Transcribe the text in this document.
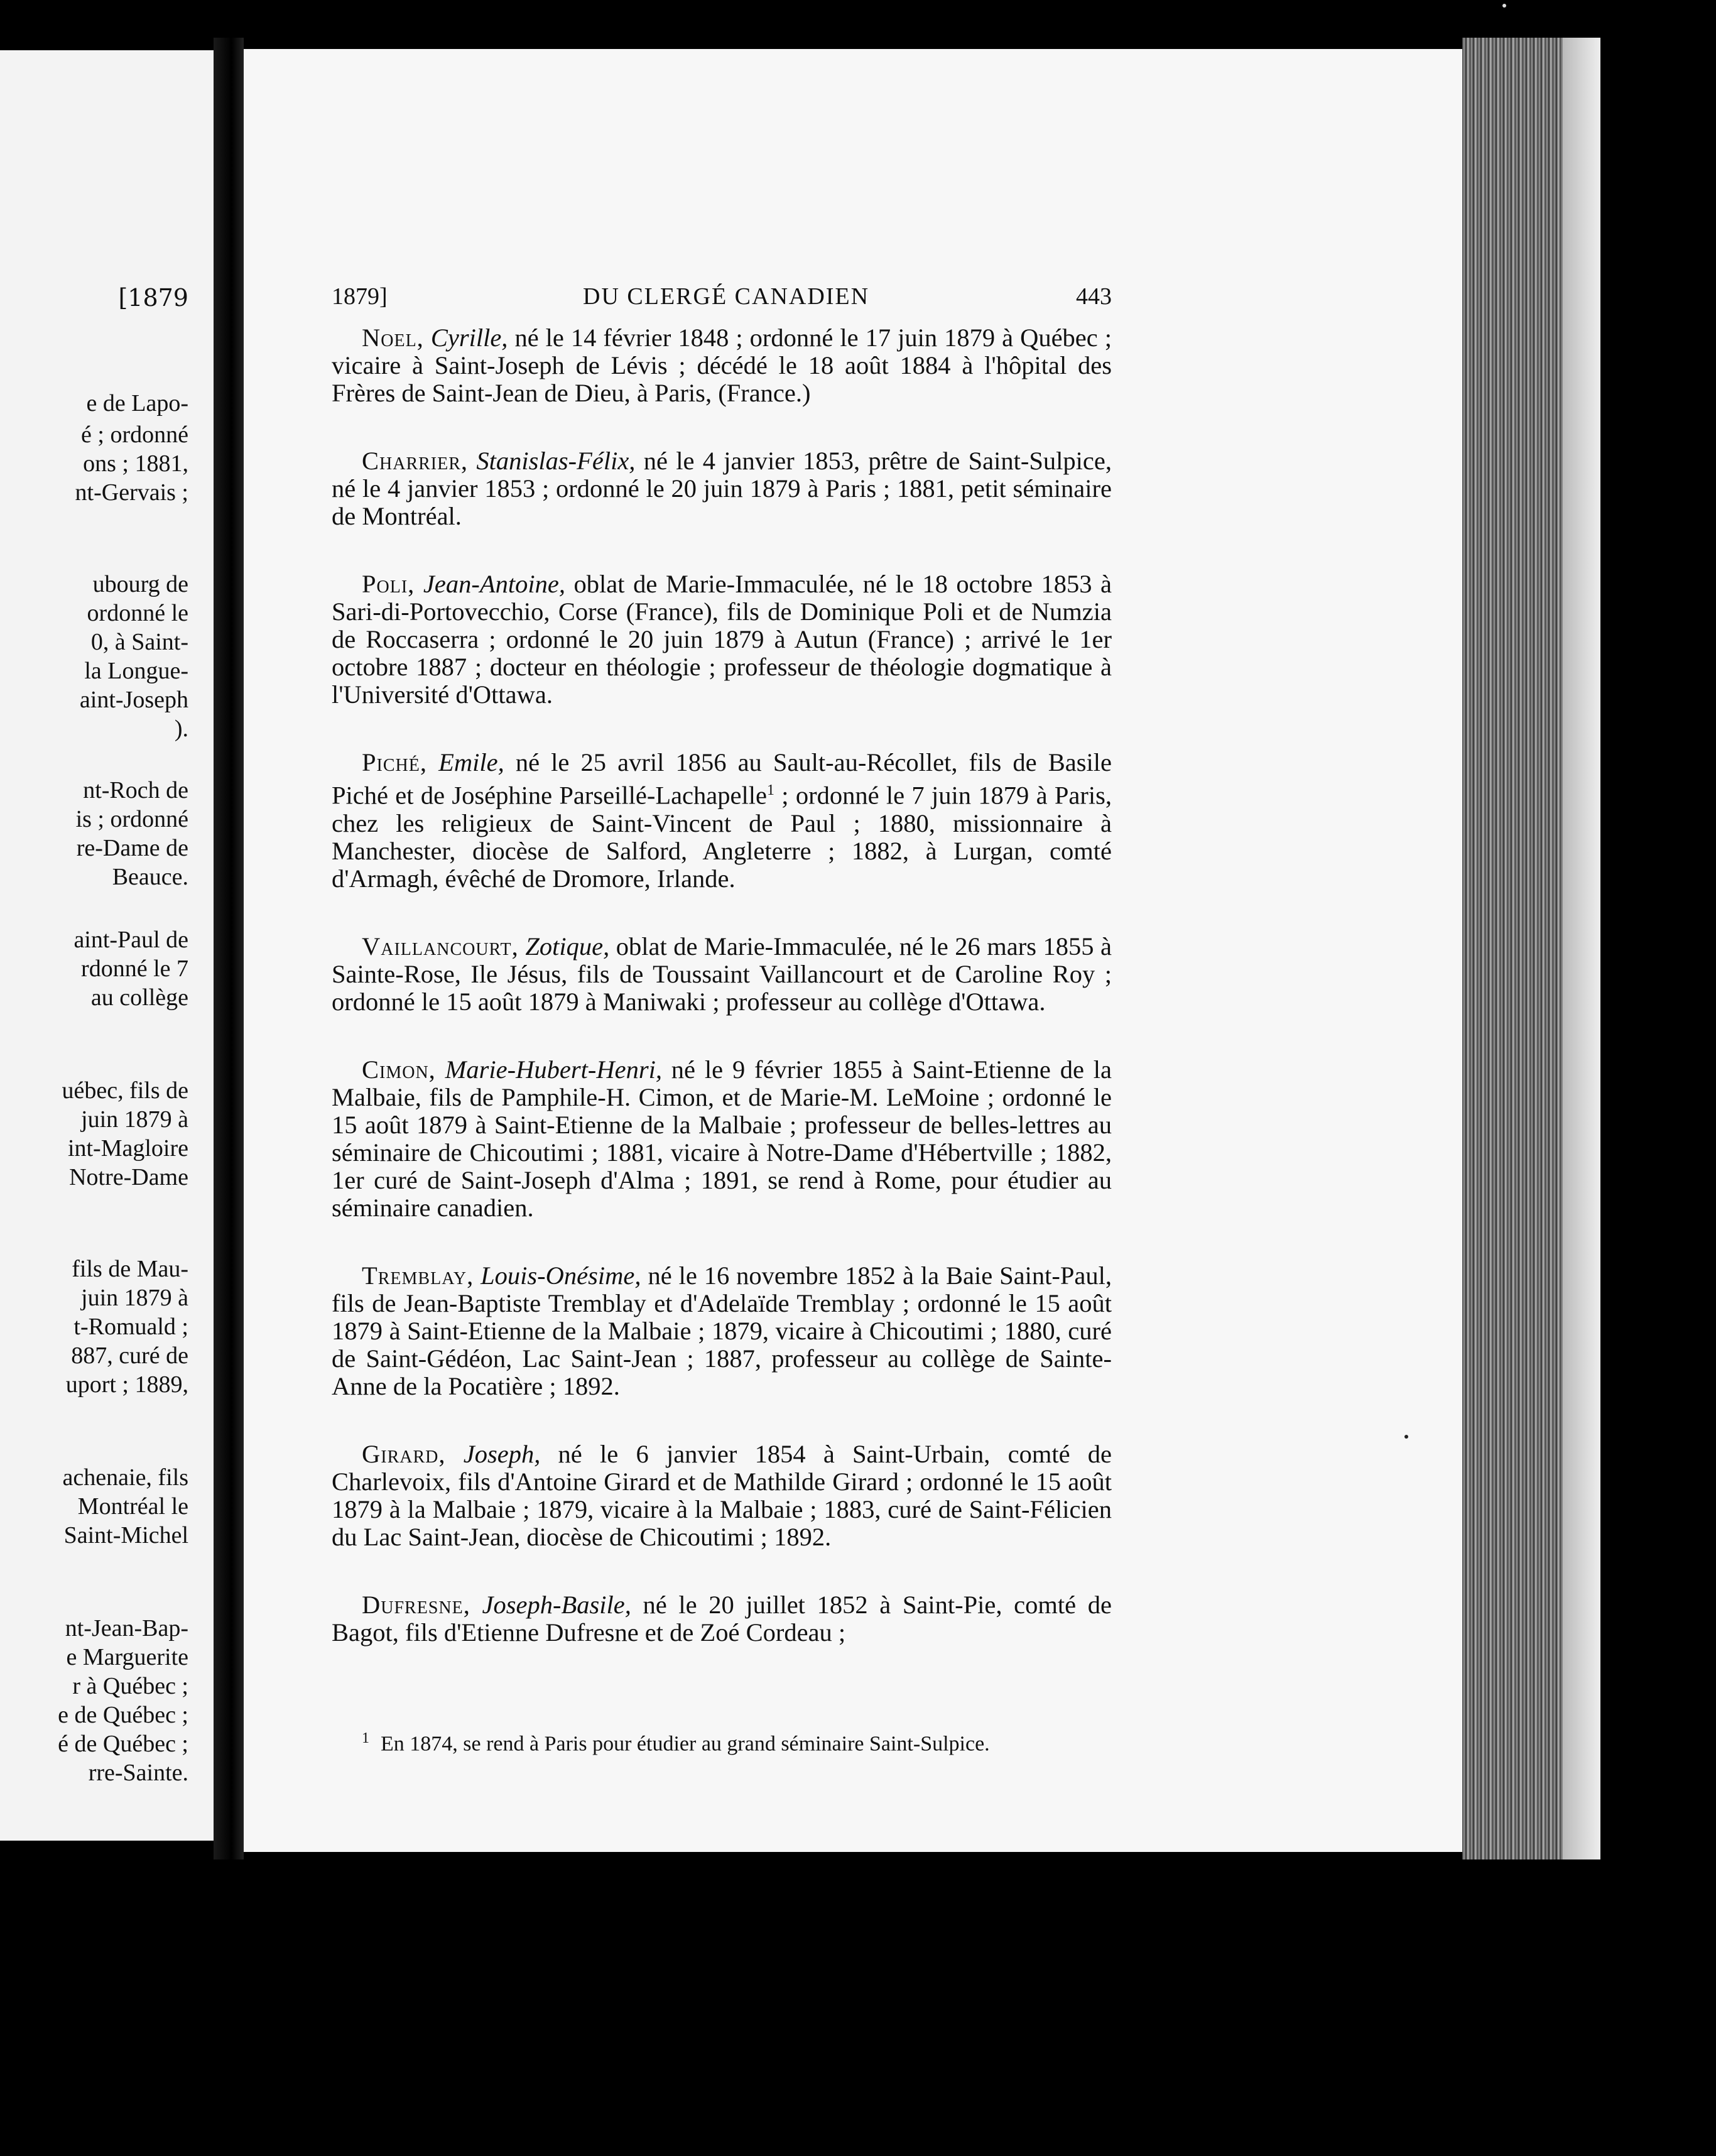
[1879
e de Lapo-
é ; ordonné
ons ; 1881,
nt-Gervais ;
ubourg de
ordonné le
0, à Saint-
la Longue-
aint-Joseph
).
nt-Roch de
is ; ordonné
re-Dame de
Beauce.
aint-Paul de
rdonné le 7
au collège
uébec, fils de
juin 1879 à
int-Magloire
Notre-Dame
fils de Mau-
juin 1879 à
t-Romuald ;
887, curé de
uport ; 1889,
achenaie, fils
Montréal le
Saint-Michel
nt-Jean-Bap-
e Marguerite
r à Québec ;
e de Québec ;
é de Québec ;
rre-Sainte.
1879]	DU CLERGÉ CANADIEN	443

Noel, Cyrille, né le 14 février 1848 ; ordonné le 17 juin 1879 à Québec ; vicaire à Saint-Joseph de Lévis ; décédé le 18 août 1884 à l'hôpital des Frères de Saint-Jean de Dieu, à Paris, (France.)

Charrier, Stanislas-Félix, né le 4 janvier 1853, prêtre de Saint-Sulpice, né le 4 janvier 1853 ; ordonné le 20 juin 1879 à Paris ; 1881, petit séminaire de Montréal.

Poli, Jean-Antoine, oblat de Marie-Immaculée, né le 18 octobre 1853 à Sari-di-Portovecchio, Corse (France), fils de Dominique Poli et de Numzia de Roccaserra ; ordonné le 20 juin 1879 à Autun (France) ; arrivé le 1er octobre 1887 ; docteur en théologie ; professeur de théologie dogmatique à l'Université d'Ottawa.

Piché, Emile, né le 25 avril 1856 au Sault-au-Récollet, fils de Basile Piché et de Joséphine Parseillé-Lachapelle$^1$ ; ordonné le 7 juin 1879 à Paris, chez les religieux de Saint-Vincent de Paul ; 1880, missionnaire à Manchester, diocèse de Salford, Angleterre ; 1882, à Lurgan, comté d'Armagh, évêché de Dromore, Irlande.

Vaillancourt, Zotique, oblat de Marie-Immaculée, né le 26 mars 1855 à Sainte-Rose, Ile Jésus, fils de Toussaint Vaillancourt et de Caroline Roy ; ordonné le 15 août 1879 à Maniwaki ; professeur au collège d'Ottawa.

Cimon, Marie-Hubert-Henri, né le 9 février 1855 à Saint-Etienne de la Malbaie, fils de Pamphile-H. Cimon, et de Marie-M. LeMoine ; ordonné le 15 août 1879 à Saint-Etienne de la Malbaie ; professeur de belles-lettres au séminaire de Chicoutimi ; 1881, vicaire à Notre-Dame d'Hébertville ; 1882, 1er curé de Saint-Joseph d'Alma ; 1891, se rend à Rome, pour étudier au séminaire canadien.

Tremblay, Louis-Onésime, né le 16 novembre 1852 à la Baie Saint-Paul, fils de Jean-Baptiste Tremblay et d'Adelaïde Tremblay ; ordonné le 15 août 1879 à Saint-Etienne de la Malbaie ; 1879, vicaire à Chicoutimi ; 1880, curé de Saint-Gédéon, Lac Saint-Jean ; 1887, professeur au collège de Sainte-Anne de la Pocatière ; 1892.

Girard, Joseph, né le 6 janvier 1854 à Saint-Urbain, comté de Charlevoix, fils d'Antoine Girard et de Mathilde Girard ; ordonné le 15 août 1879 à la Malbaie ; 1879, vicaire à la Malbaie ; 1883, curé de Saint-Félicien du Lac Saint-Jean, diocèse de Chicoutimi ; 1892.

Dufresne, Joseph-Basile, né le 20 juillet 1852 à Saint-Pie, comté de Bagot, fils d'Etienne Dufresne et de Zoé Cordeau ;

$^1$ En 1874, se rend à Paris pour étudier au grand séminaire Saint-Sulpice.
